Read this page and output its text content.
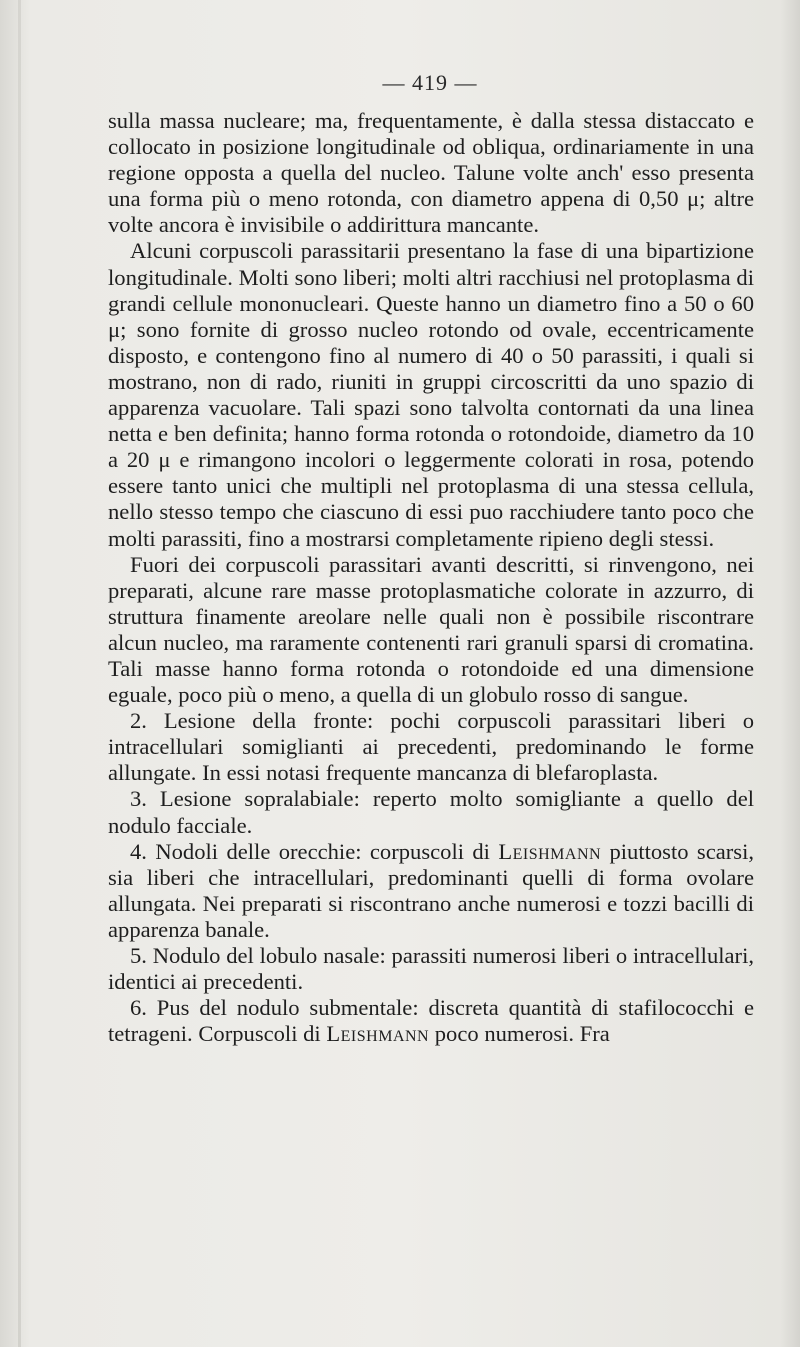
— 419 —

sulla massa nucleare; ma, frequentamente, è dalla stessa distaccato e collocato in posizione longitudinale od obliqua, ordinariamente in una regione opposta a quella del nucleo. Talune volte anch' esso presenta una forma più o meno rotonda, con diametro appena di 0,50 μ; altre volte ancora è invisibile o addirittura mancante.

Alcuni corpuscoli parassitarii presentano la fase di una bipartizione longitudinale. Molti sono liberi; molti altri racchiusi nel protoplasma di grandi cellule mononucleari. Queste hanno un diametro fino a 50 o 60 μ; sono fornite di grosso nucleo rotondo od ovale, eccentricamente disposto, e contengono fino al numero di 40 o 50 parassiti, i quali si mostrano, non di rado, riuniti in gruppi circoscritti da uno spazio di apparenza vacuolare. Tali spazi sono talvolta contornati da una linea netta e ben definita; hanno forma rotonda o rotondoide, diametro da 10 a 20 μ e rimangono incolori o leggermente colorati in rosa, potendo essere tanto unici che multipli nel protoplasma di una stessa cellula, nello stesso tempo che ciascuno di essi puo racchiudere tanto poco che molti parassiti, fino a mostrarsi completamente ripieno degli stessi.

Fuori dei corpuscoli parassitari avanti descritti, si rinvengono, nei preparati, alcune rare masse protoplasmatiche colorate in azzurro, di struttura finamente areolare nelle quali non è possibile riscontrare alcun nucleo, ma raramente contenenti rari granuli sparsi di cromatina. Tali masse hanno forma rotonda o rotondoide ed una dimensione eguale, poco più o meno, a quella di un globulo rosso di sangue.

2. Lesione della fronte: pochi corpuscoli parassitari liberi o intracellulari somiglianti ai precedenti, predominando le forme allungate. In essi notasi frequente mancanza di blefaroplasta.

3. Lesione sopralabiale: reperto molto somigliante a quello del nodulo facciale.

4. Nodoli delle orecchie: corpuscoli di Leishmann piuttosto scarsi, sia liberi che intracellulari, predominanti quelli di forma ovolare allungata. Nei preparati si riscontrano anche numerosi e tozzi bacilli di apparenza banale.

5. Nodulo del lobulo nasale: parassiti numerosi liberi o intracellulari, identici ai precedenti.

6. Pus del nodulo submentale: discreta quantità di stafilococchi e tetrageni. Corpuscoli di Leishmann poco numerosi. Fra
